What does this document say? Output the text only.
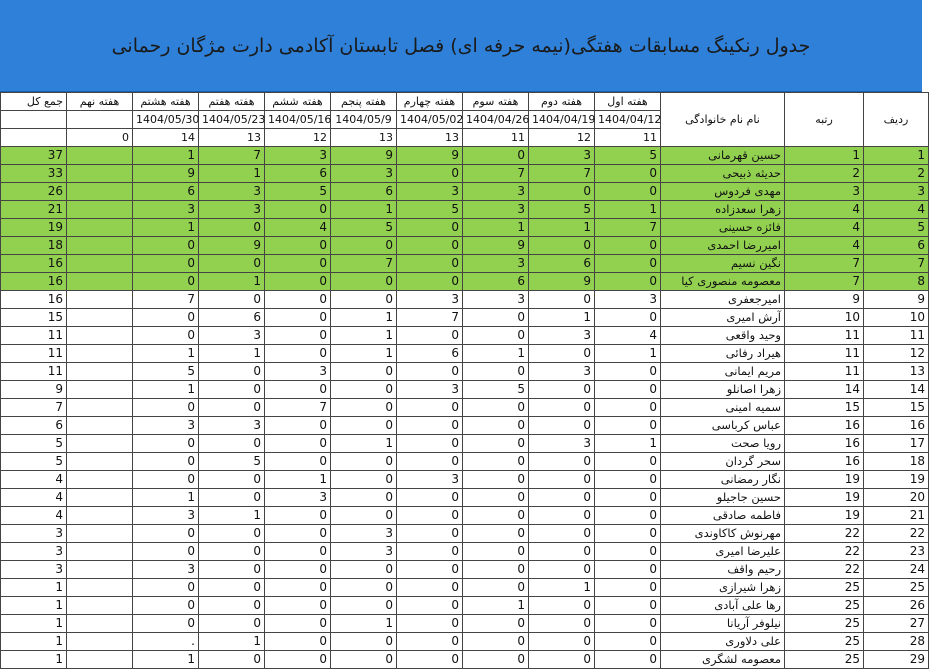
جدول رنکینگ مسابقات هفتگی(نیمه حرفه ای) فصل تابستان آکادمی دارت مژگان رحمانی
جمع کل	هفته نهم	هفته هشتم	هفته هفتم	هفته ششم	هفته پنجم	هفته چهارم	هفته سوم	هفته دوم	هفته اول	نام نام خانوادگی	رتبه	ردیف
		1404/05/30	1404/05/23	1404/05/16	1404/05/9	1404/05/02	1404/04/26	1404/04/19	1404/04/12			
	0	14	13	12	13	13	11	12	11			
37		1	7	3	9	9	0	3	5	حسین قهرمانی	1	1
33		9	1	6	3	0	7	7	0	حدیثه ذبیحی	2	2
26		6	3	5	6	3	3	0	0	مهدی فردوس	3	3
21		3	3	0	1	5	3	5	1	زهرا سعدزاده	4	4
19		1	0	4	5	0	1	1	7	فائزه حسینی	4	5
18		0	9	0	0	0	9	0	0	امیررضا احمدی	4	6
16		0	0	0	7	0	3	6	0	نگین نسیم	7	7
16		0	1	0	0	0	6	9	0	معصومه منصوری کیا	7	8
16		7	0	0	0	3	3	0	3	امیرجعفری	9	9
15		0	6	0	1	7	0	1	0	آرش امیری	10	10
11		0	3	0	1	0	0	3	4	وحید واقعی	11	11
11		1	1	0	1	6	1	0	1	هیراد رفائی	11	12
11		5	0	3	0	0	0	3	0	مریم ایمانی	11	13
9		1	0	0	0	3	5	0	0	زهرا اصانلو	14	14
7		0	0	7	0	0	0	0	0	سمیه امینی	15	15
6		3	3	0	0	0	0	0	0	عباس کرباسی	16	16
5		0	0	0	1	0	0	3	1	رویا صحت	16	17
5		0	5	0	0	0	0	0	0	سحر گردان	16	18
4		0	0	1	0	3	0	0	0	نگار رمضانی	19	19
4		1	0	3	0	0	0	0	0	حسین جاجیلو	19	20
4		3	1	0	0	0	0	0	0	فاطمه صادقی	19	21
3		0	0	0	3	0	0	0	0	مهرنوش کاکاوندی	22	22
3		0	0	0	3	0	0	0	0	علیرضا امیری	22	23
3		3	0	0	0	0	0	0	0	رحیم واقف	22	24
1		0	0	0	0	0	0	1	0	زهرا شیرازی	25	25
1		0	0	0	0	0	1	0	0	رها علی آبادی	25	26
1		0	0	0	1	0	0	0	0	نیلوفر آریانا	25	27
1		.	1	0	0	0	0	0	0	علی دلاوری	25	28
1		1	0	0	0	0	0	0	0	معصومه لشگری	25	29
